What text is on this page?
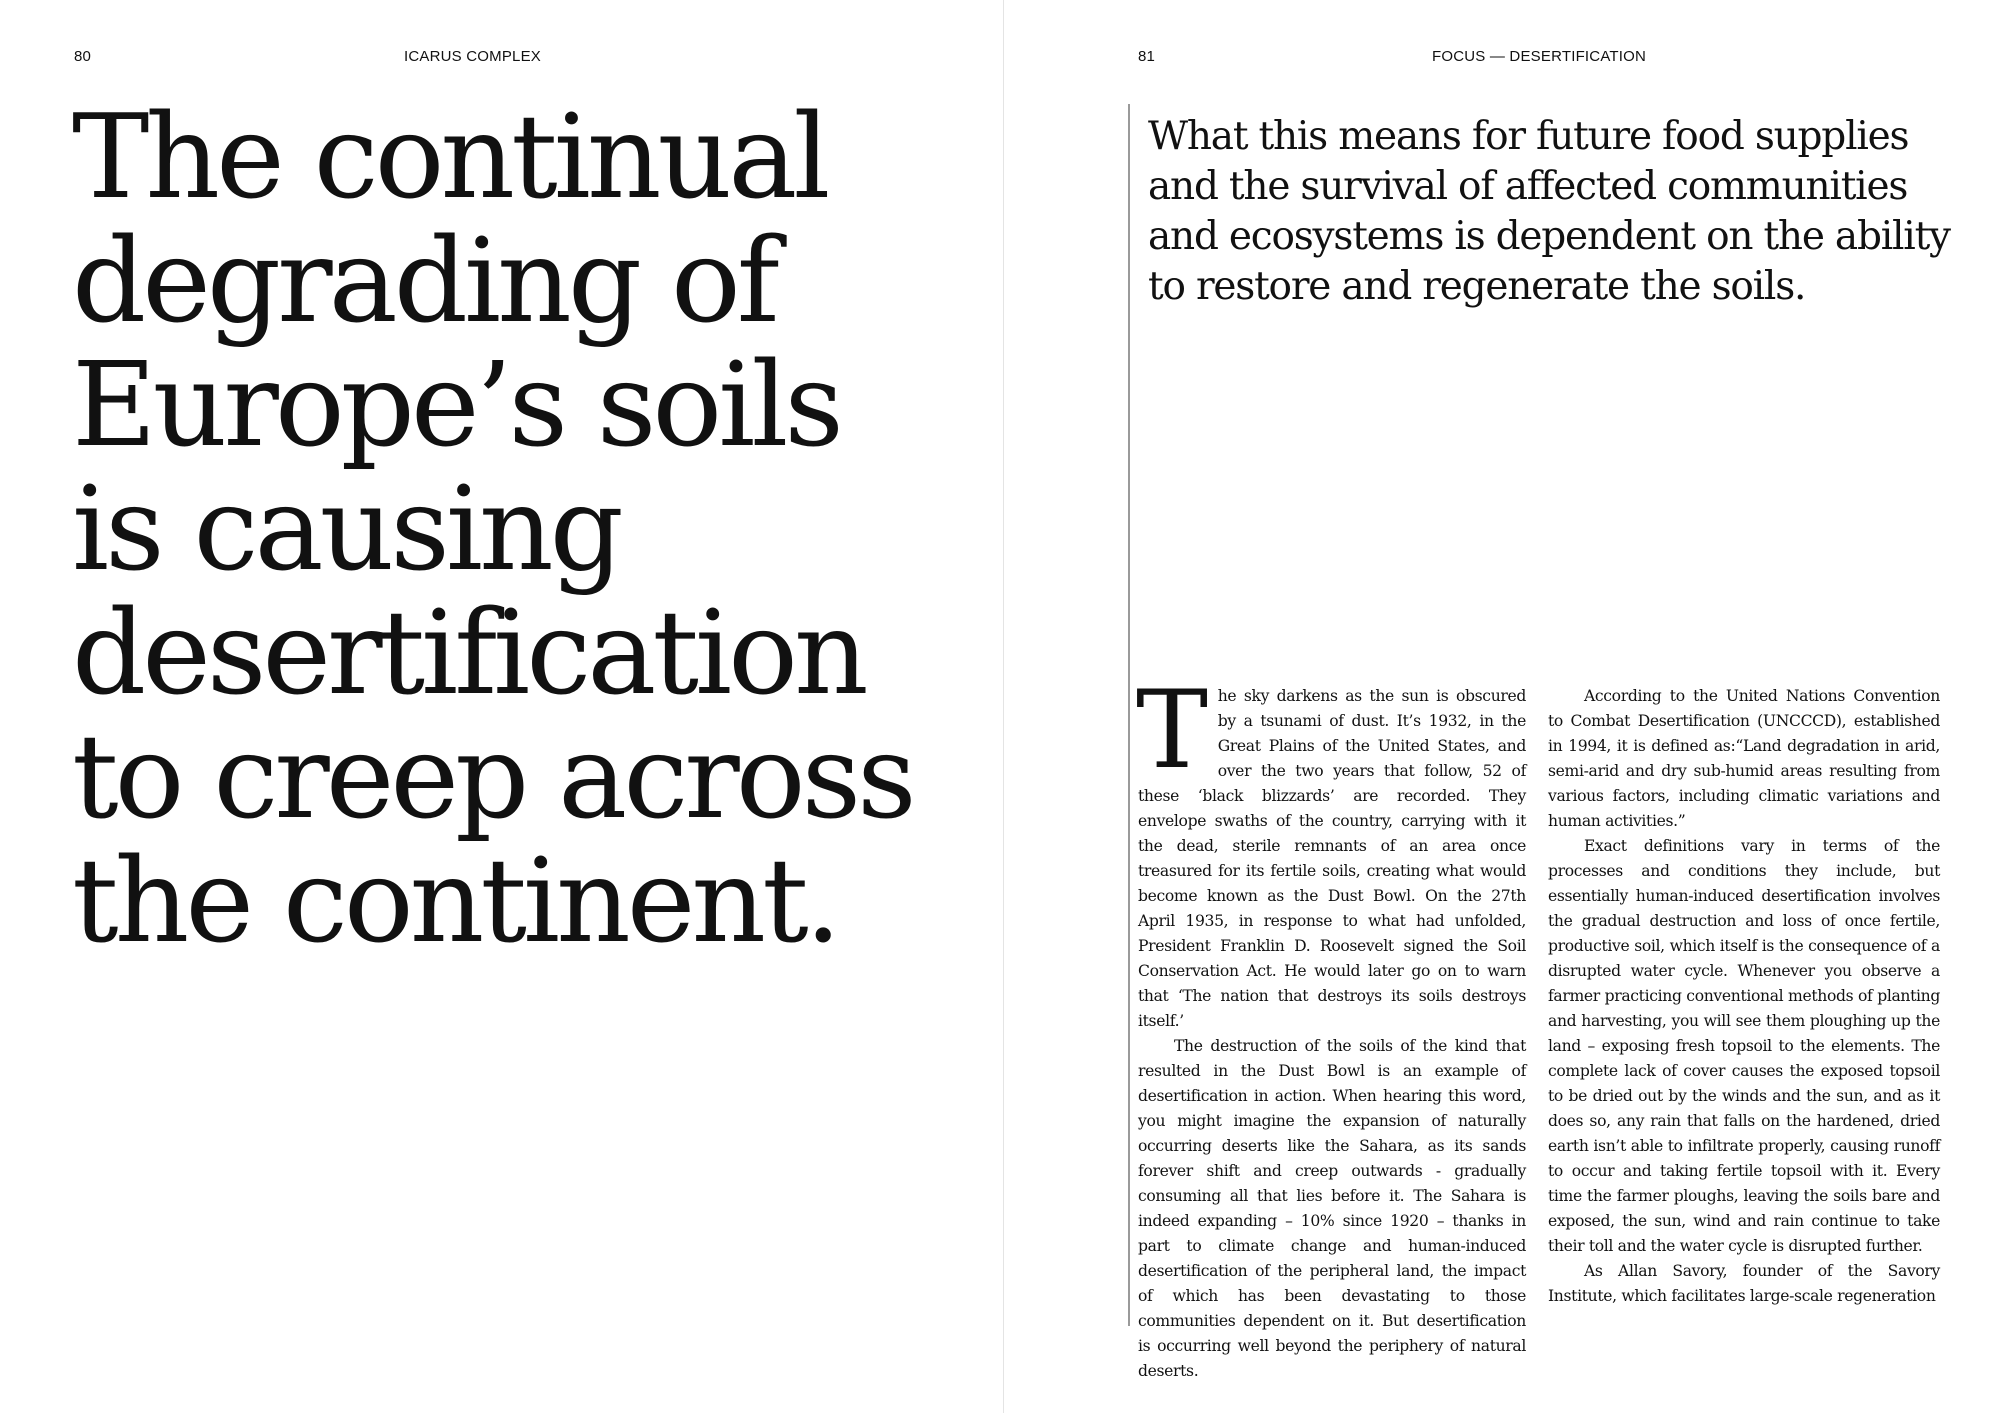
80	ICARUS COMPLEX
The continual
degrading of
Europe’s soils
is causing
desertification
to creep across
the continent.
81	FOCUS — DESERTIFICATION
What this means for future food supplies
and the survival of affected communities
and ecosystems is dependent on the ability
to restore and regenerate the soils.

The sky darkens as the sun is obscured by a tsunami of dust. It’s 1932, in the Great Plains of the United States, and over the two years that follow, 52 of these ‘black blizzards’ are recorded. They envelope swaths of the country, carrying with it the dead, sterile remnants of an area once treasured for its fertile soils, creating what would become known as the Dust Bowl. On the 27th April 1935, in response to what had unfolded, President Franklin D. Roosevelt signed the Soil Conservation Act. He would later go on to warn that ‘The nation that destroys its soils destroys itself.’

The destruction of the soils of the kind that resulted in the Dust Bowl is an example of desertification in action. When hearing this word, you might imagine the expansion of naturally occurring deserts like the Sahara, as its sands forever shift and creep outwards - gradually consuming all that lies before it. The Sahara is indeed expanding – 10% since 1920 – thanks in part to climate change and human-induced desertification of the peripheral land, the impact of which has been devastating to those communities dependent on it. But desertification is occurring well beyond the periphery of natural deserts.

According to the United Nations Convention to Combat Desertification (UNCCCD), established in 1994, it is defined as:“Land degradation in arid, semi-arid and dry sub-humid areas resulting from various factors, including climatic variations and human activities.”

Exact definitions vary in terms of the processes and conditions they include, but essentially human-induced desertification involves the gradual destruction and loss of once fertile, productive soil, which itself is the consequence of a disrupted water cycle. Whenever you observe a farmer practicing conventional methods of planting and harvesting, you will see them ploughing up the land – exposing fresh topsoil to the elements. The complete lack of cover causes the exposed topsoil to be dried out by the winds and the sun, and as it does so, any rain that falls on the hardened, dried earth isn’t able to infiltrate properly, causing runoff to occur and taking fertile topsoil with it. Every time the farmer ploughs, leaving the soils bare and exposed, the sun, wind and rain continue to take their toll and the water cycle is disrupted further.

As Allan Savory, founder of the Savory Institute, which facilitates large-scale regeneration
